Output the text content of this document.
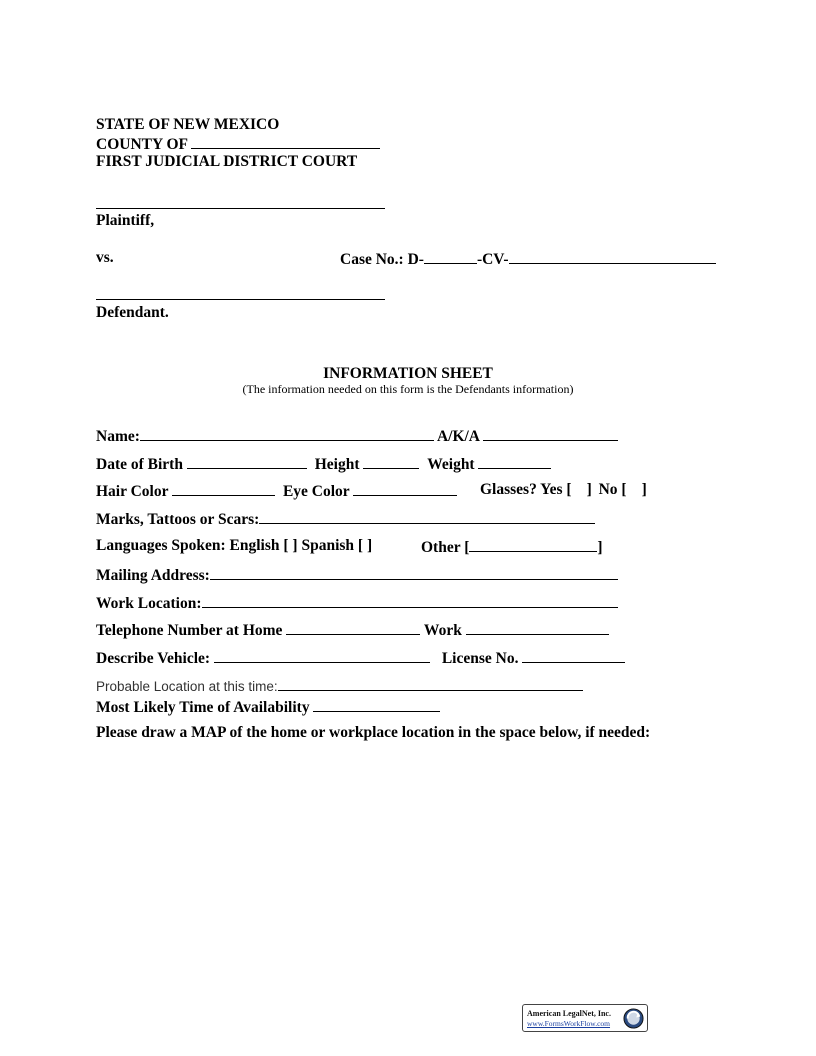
STATE OF NEW MEXICO
COUNTY OF
FIRST JUDICIAL DISTRICT COURT
Plaintiff,
vs.	Case No.: D-	-CV-
Defendant.
INFORMATION SHEET
(The information needed on this form is the Defendants information)
Name:	A/K/A
Date of Birth	Height	Weight
Hair Color	Eye Color	Glasses? Yes [ ] No [ ]
Marks, Tattoos or Scars:
Languages Spoken: English [ ] Spanish [ ]	Other [	]
Mailing Address:
Work Location:
Telephone Number at Home	Work
Describe Vehicle:	License No.
Probable Location at this time:
Most Likely Time of Availability
Please draw a MAP of the home or workplace location in the space below, if needed:
American LegalNet, Inc.
www.FormsWorkFlow.com
